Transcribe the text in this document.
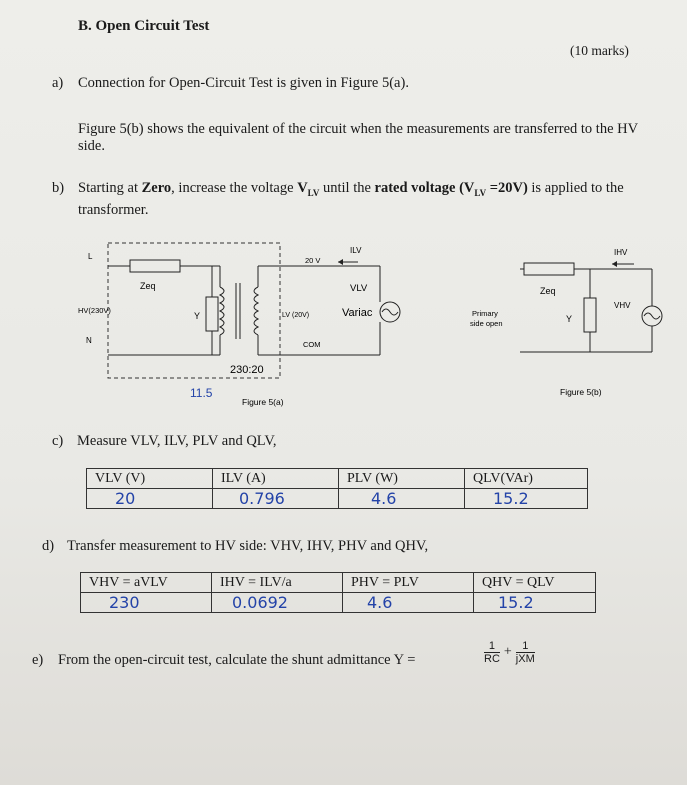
B. Open Circuit Test
(10 marks)
a) Connection for Open-Circuit Test is given in Figure 5(a).
Figure 5(b) shows the equivalent of the circuit when the measurements are transferred to the HV side.
b) Starting at Zero, increase the voltage $V_{LV}$ until the rated voltage $(V_{LV} =20V)$ is applied to the transformer.
L
HV(230V)
N
Zeq
Y	LV (20V)
20 V
ILV
VLV
Variac
COM
230:20
11.5
Figure 5(a)
Zeq
Y
IHV
VHV
Primary
side open
Figure 5(b)
c) Measure VLV, ILV, PLV and QLV,
VLV (V)	ILV (A)	PLV (W)	QLV(VAr)
20	0.796	4.6	15.2
d) Transfer measurement to HV side: VHV, IHV, PHV and QHV,
VHV = aVLV	IHV = ILV/a	PHV = PLV	QHV = QLV
230	0.0692	4.6	15.2
e) From the open-circuit test, calculate the shunt admittance Y =	$\frac{1}{RC} + \frac{1}{\text{jXM}}$
